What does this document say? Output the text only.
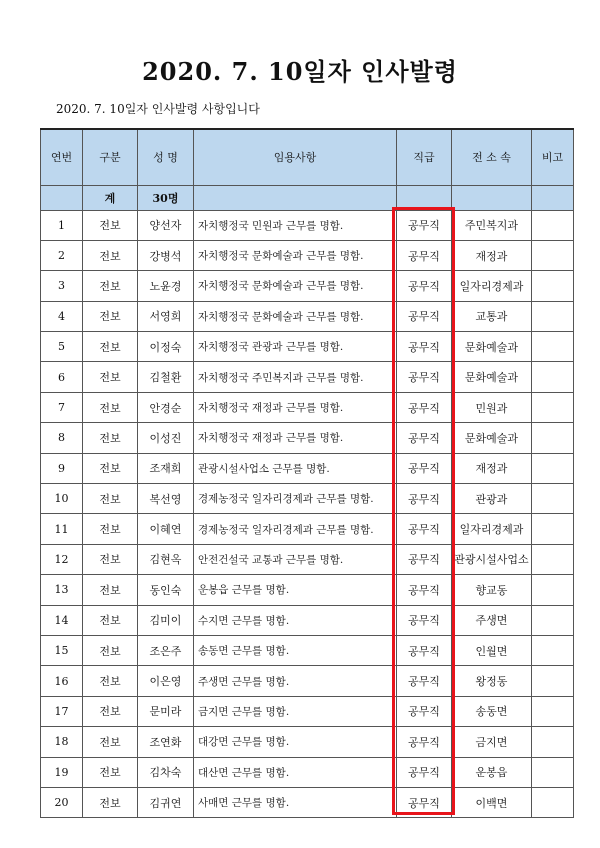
2020. 7. 10일자 인사발령
2020. 7. 10일자 인사발령 사항입니다
연번	구분	성 명	임용사항	직급	전 소 속	비고
	계	30명				
1	전보	양선자	자치행정국 민원과 근무를 명함.	공무직	주민복지과	
2	전보	강병석	자치행정국 문화예술과 근무를 명함.	공무직	재정과	
3	전보	노윤경	자치행정국 문화예술과 근무를 명함.	공무직	일자리경제과	
4	전보	서영희	자치행정국 문화예술과 근무를 명함.	공무직	교통과	
5	전보	이정숙	자치행정국 관광과 근무를 명함.	공무직	문화예술과	
6	전보	김철환	자치행정국 주민복지과 근무를 명함.	공무직	문화예술과	
7	전보	안경순	자치행정국 재정과 근무를 명함.	공무직	민원과	
8	전보	이성진	자치행정국 재정과 근무를 명함.	공무직	문화예술과	
9	전보	조재희	관광시설사업소 근무를 명함.	공무직	재정과	
10	전보	복선영	경제농정국 일자리경제과 근무를 명함.	공무직	관광과	
11	전보	이혜연	경제농정국 일자리경제과 근무를 명함.	공무직	일자리경제과	
12	전보	김현옥	안전건설국 교통과 근무를 명함.	공무직	관광시설사업소	
13	전보	동인숙	운봉읍 근무를 명함.	공무직	향교동	
14	전보	김미이	수지면 근무를 명함.	공무직	주생면	
15	전보	조은주	송동면 근무를 명함.	공무직	인월면	
16	전보	이은영	주생면 근무를 명함.	공무직	왕정동	
17	전보	문미라	금지면 근무를 명함.	공무직	송동면	
18	전보	조연화	대강면 근무를 명함.	공무직	금지면	
19	전보	김차숙	대산면 근무를 명함.	공무직	운봉읍	
20	전보	김귀연	사매면 근무를 명함.	공무직	이백면	
